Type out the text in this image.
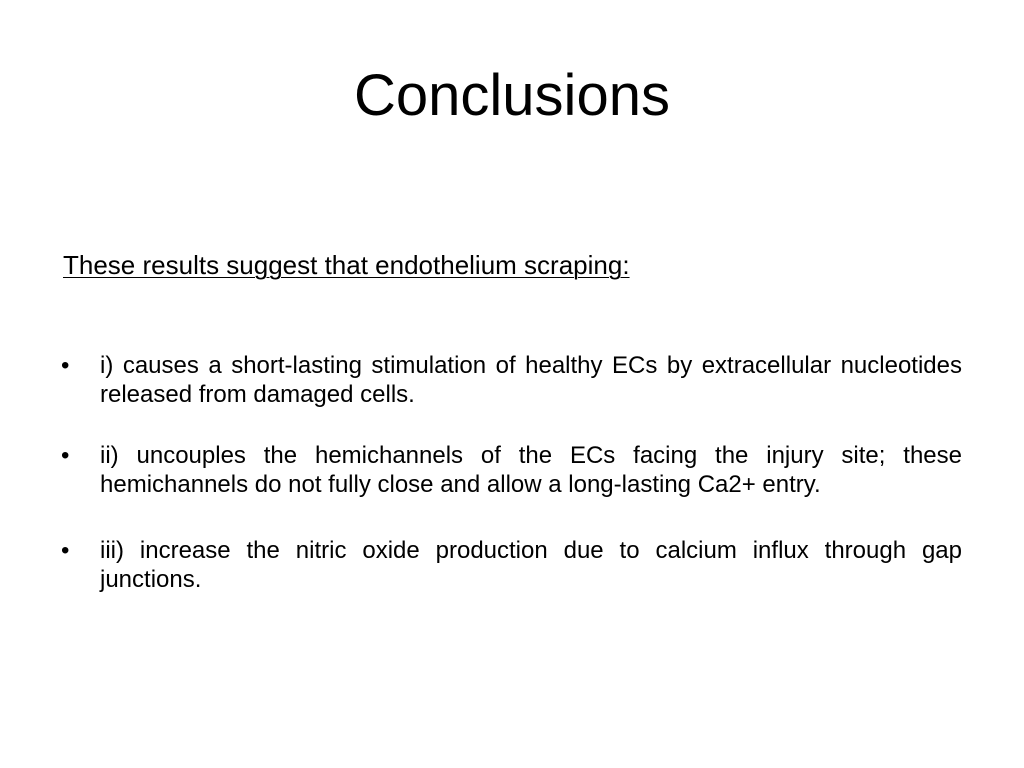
Conclusions

These results suggest that endothelium scraping:

• i) causes a short-lasting stimulation of healthy ECs by extracellular nucleotides released from damaged cells.
• ii) uncouples the hemichannels of the ECs facing the injury site; these hemichannels do not fully close and allow a long-lasting Ca2+ entry.
• iii) increase the nitric oxide production due to calcium influx through gap junctions.
